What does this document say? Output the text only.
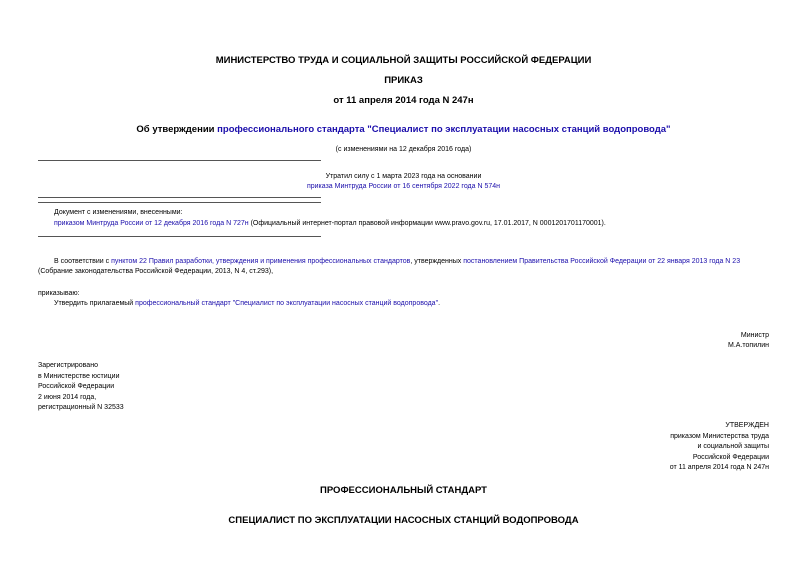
МИНИСТЕРСТВО ТРУДА И СОЦИАЛЬНОЙ ЗАЩИТЫ РОССИЙСКОЙ ФЕДЕРАЦИИ
ПРИКАЗ
от 11 апреля 2014 года N 247н
Об утверждении профессионального стандарта "Специалист по эксплуатации насосных станций водопровода"
(с изменениями на 12 декабря 2016 года)
Утратил силу с 1 марта 2023 года на основании
приказа Минтруда России от 16 сентября 2022 года N 574н
Документ с изменениями, внесенными:
приказом Минтруда России от 12 декабря 2016 года N 727н (Официальный интернет-портал правовой информации www.pravo.gov.ru, 17.01.2017, N 0001201701170001).
В соответствии с пунктом 22 Правил разработки, утверждения и применения профессиональных стандартов, утвержденных постановлением Правительства Российской Федерации от 22 января 2013 года N 23
(Собрание законодательства Российской Федерации, 2013, N 4, ст.293),
приказываю:
Утвердить прилагаемый профессиональный стандарт "Специалист по эксплуатации насосных станций водопровода".
Министр
М.А.топилин
Зарегистрировано
в Министерстве юстиции
Российской Федерации
2 июня 2014 года,
регистрационный N 32533
УТВЕРЖДЕН
приказом Министерства труда
и социальной защиты
Российской Федерации
от 11 апреля 2014 года N 247н
ПРОФЕССИОНАЛЬНЫЙ СТАНДАРТ
СПЕЦИАЛИСТ ПО ЭКСПЛУАТАЦИИ НАСОСНЫХ СТАНЦИЙ ВОДОПРОВОДА
